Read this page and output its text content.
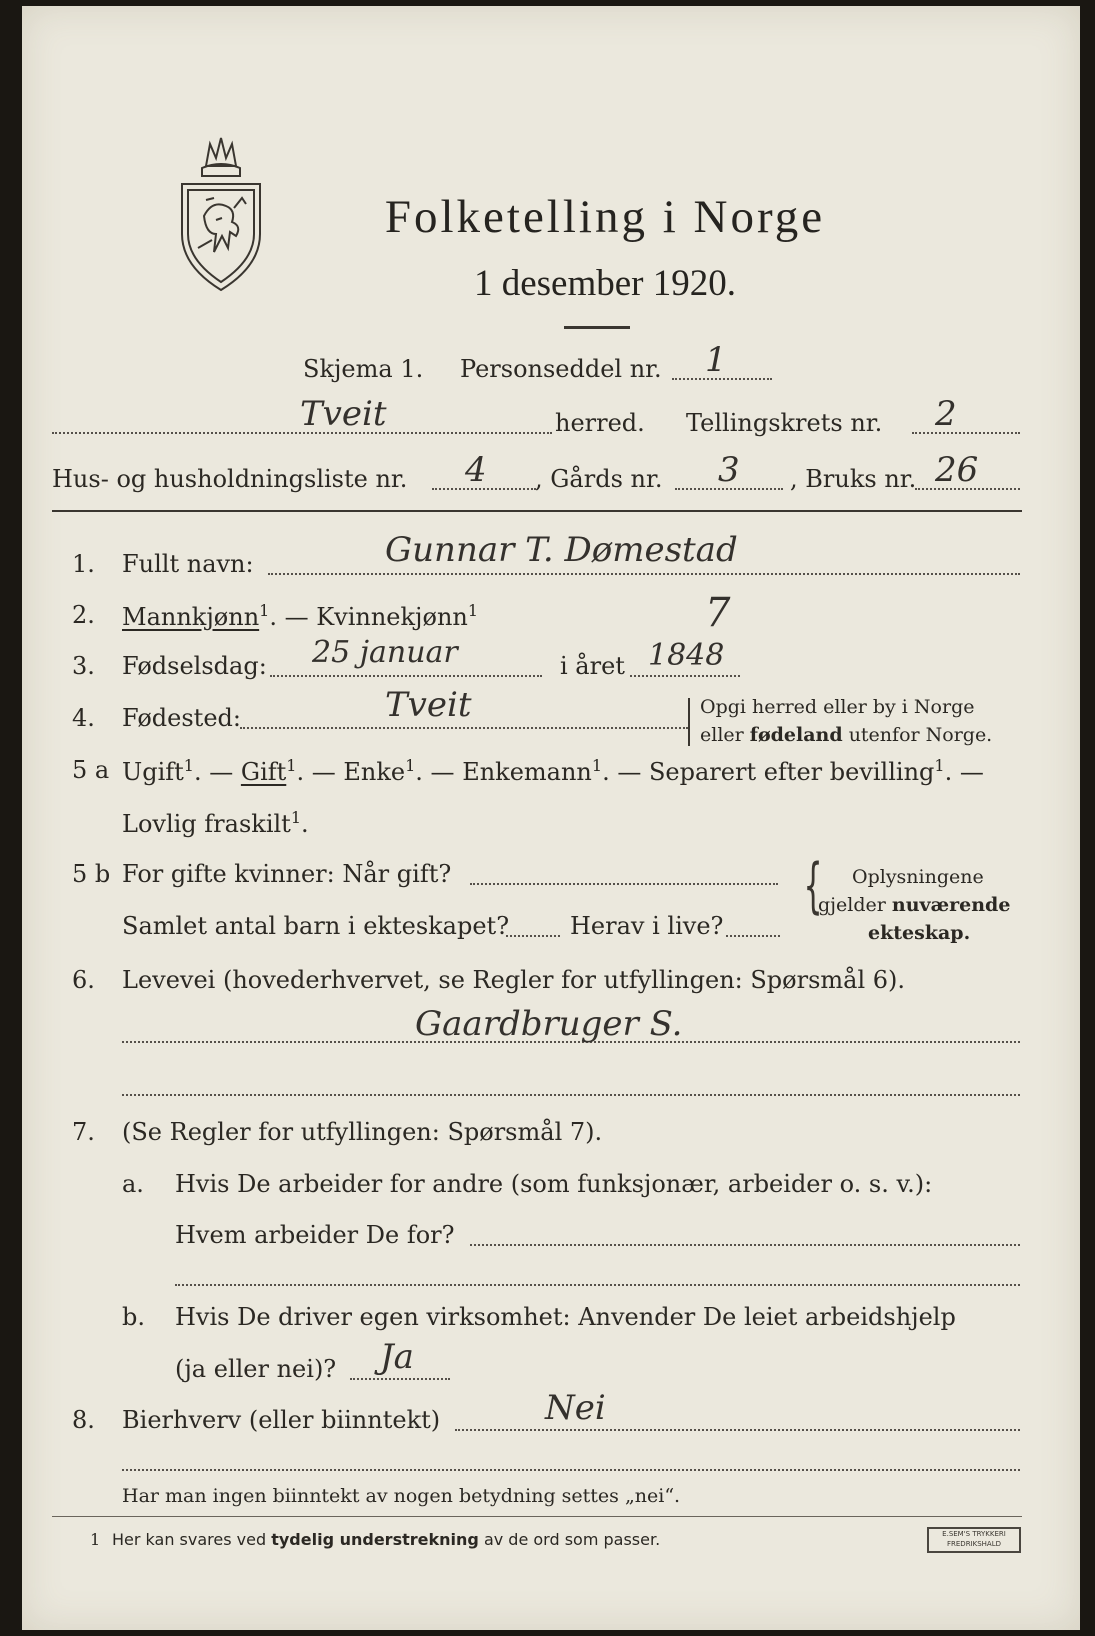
Folketelling i Norge
1 desember 1920.
Skjema 1. Personseddel nr. 1
Tveit	herred. Tellingskrets nr. 2
Hus- og husholdningsliste nr. 4 , Gårds nr. 3 , Bruks nr. 26
1. Fullt navn:	Gunnar T. Dømestad
2. Mannkjønn$^1$. — Kvinnekjønn$^1$	7
3. Fødselsdag: 25 januar	i året 1848
4. Fødested:	Tveit	Opgi herred eller by i Norge
eller fødeland utenfor Norge.
5 a Ugift$^1$. — Gift$^1$. — Enke$^1$. — Enkemann$^1$. — Separert efter bevilling$^1$. —
Lovlig fraskilt$^1$.
5 b For gifte kvinner: Når gift?
Samlet antal barn i ekteskapet?	Herav i live?
{ Oplysningene
gjelder nuværende
ekteskap.
6. Levevei (hovederhvervet, se Regler for utfyllingen: Spørsmål 6).
Gaardbruger S.
7. (Se Regler for utfyllingen: Spørsmål 7).
a. Hvis De arbeider for andre (som funksjonær, arbeider o. s. v.):
Hvem arbeider De for?
b. Hvis De driver egen virksomhet: Anvender De leiet arbeidshjelp
(ja eller nei)? Ja
8. Bierhverv (eller biinntekt)	Nei
Har man ingen biinntekt av nogen betydning settes „nei“.
1 Her kan svares ved tydelig understrekning av de ord som passer.	E.SEM'S TRYKKERI
FREDRIKSHALD
